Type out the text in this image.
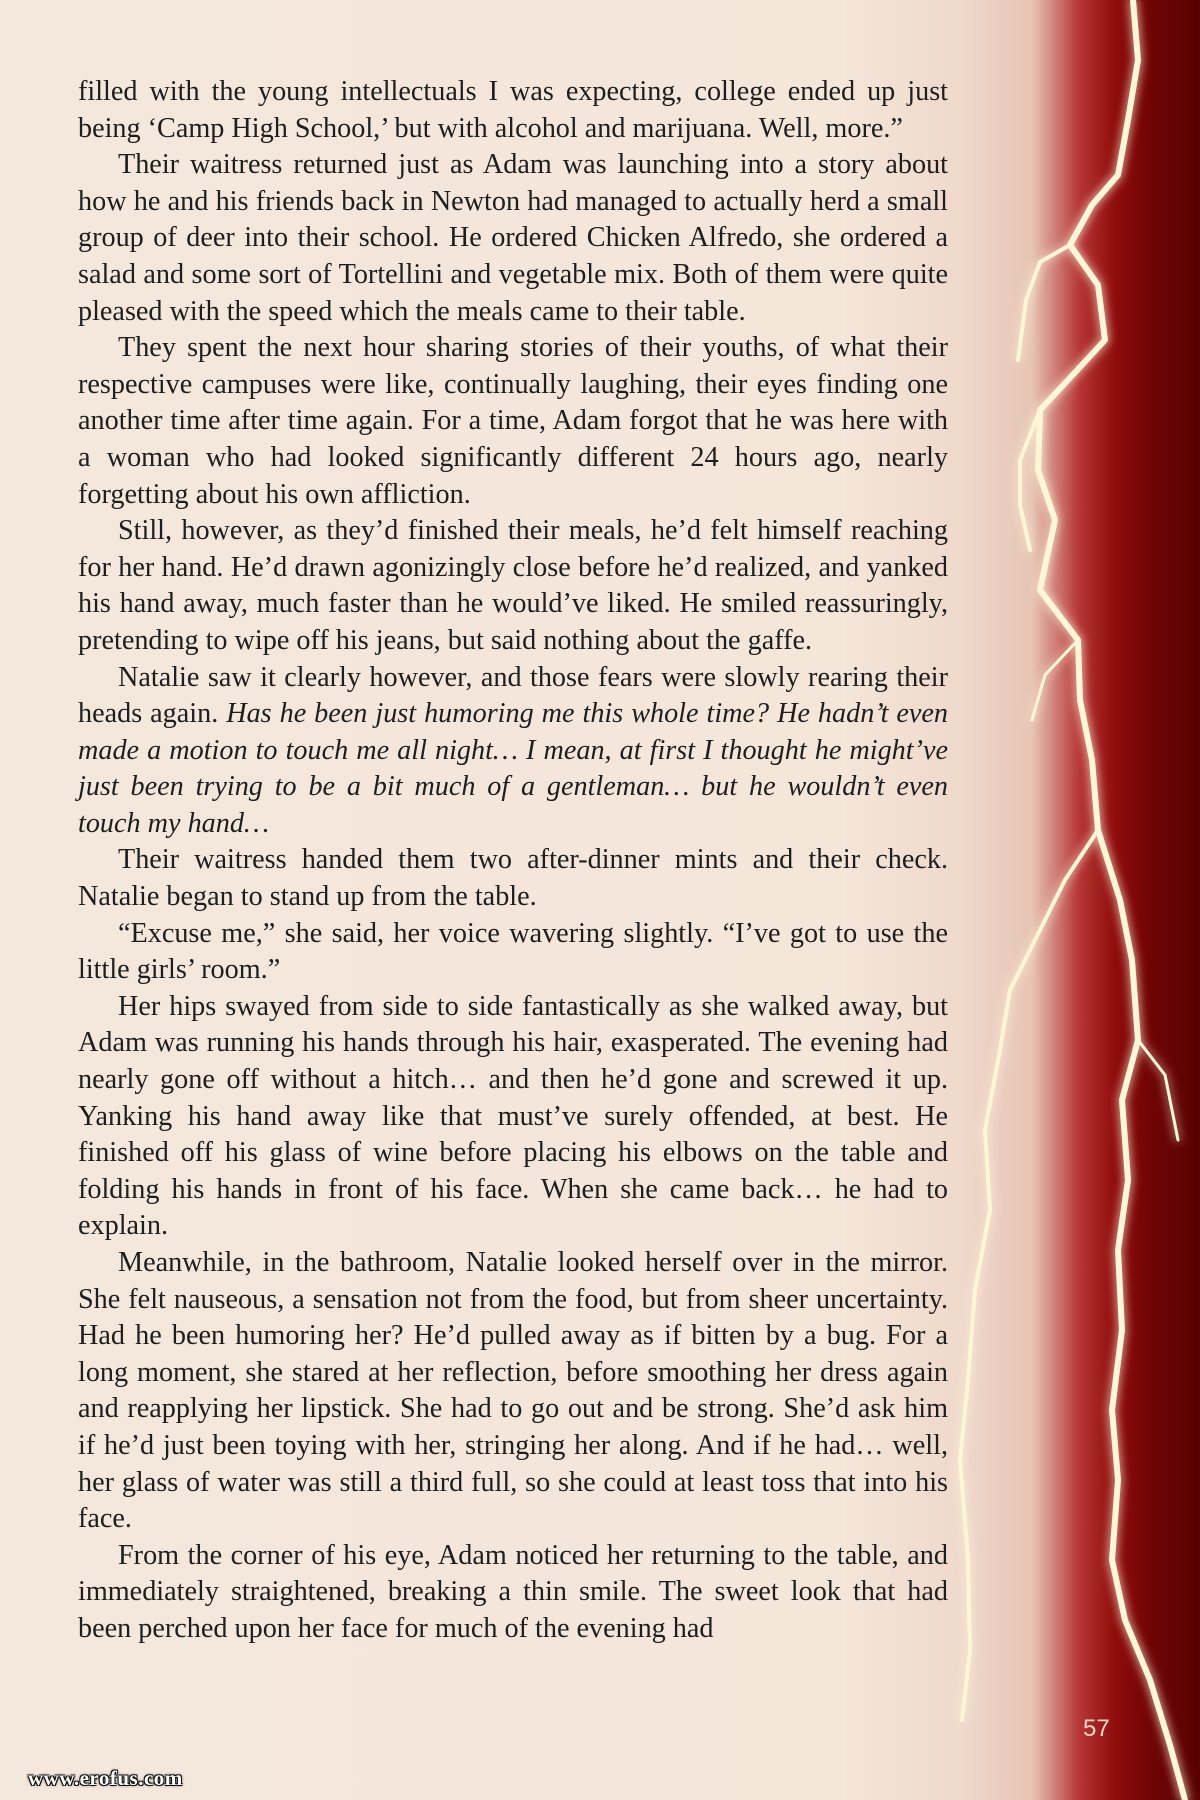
filled with the young intellectuals I was expecting, college ended up just being ‘Camp High School,’ but with alcohol and marijuana. Well, more.”

Their waitress returned just as Adam was launching into a story about how he and his friends back in Newton had managed to actually herd a small group of deer into their school. He ordered Chicken Alfredo, she ordered a salad and some sort of Tortellini and vegetable mix. Both of them were quite pleased with the speed which the meals came to their table.

They spent the next hour sharing stories of their youths, of what their respective campuses were like, continually laughing, their eyes finding one another time after time again. For a time, Adam forgot that he was here with a woman who had looked significantly different 24 hours ago, nearly forgetting about his own affliction.

Still, however, as they’d finished their meals, he’d felt himself reaching for her hand. He’d drawn agonizingly close before he’d realized, and yanked his hand away, much faster than he would’ve liked. He smiled reassuringly, pretending to wipe off his jeans, but said nothing about the gaffe.

Natalie saw it clearly however, and those fears were slowly rearing their heads again. Has he been just humoring me this whole time? He hadn’t even made a motion to touch me all night… I mean, at first I thought he might’ve just been trying to be a bit much of a gentleman… but he wouldn’t even touch my hand…

Their waitress handed them two after-dinner mints and their check. Natalie began to stand up from the table.

“Excuse me,” she said, her voice wavering slightly. “I’ve got to use the little girls’ room.”

Her hips swayed from side to side fantastically as she walked away, but Adam was running his hands through his hair, exasperated. The evening had nearly gone off without a hitch… and then he’d gone and screwed it up. Yanking his hand away like that must’ve surely offended, at best. He finished off his glass of wine before placing his elbows on the table and folding his hands in front of his face. When she came back… he had to explain.

Meanwhile, in the bathroom, Natalie looked herself over in the mirror. She felt nauseous, a sensation not from the food, but from sheer uncertainty. Had he been humoring her? He’d pulled away as if bitten by a bug. For a long moment, she stared at her reflection, before smoothing her dress again and reapplying her lipstick. She had to go out and be strong. She’d ask him if he’d just been toying with her, stringing her along. And if he had… well, her glass of water was still a third full, so she could at least toss that into his face.

From the corner of his eye, Adam noticed her returning to the table, and immediately straightened, breaking a thin smile. The sweet look that had been perched upon her face for much of the evening had

57
www.erofus.com
